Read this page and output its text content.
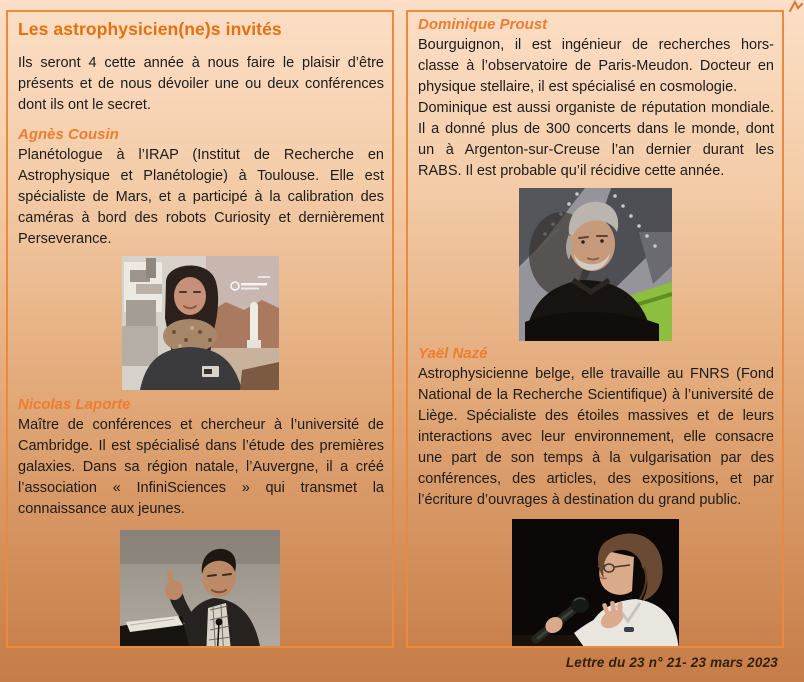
Les astrophysicien(ne)s invités

Ils seront 4 cette année à nous faire le plaisir d’être présents et de nous dévoiler une ou deux conférences dont ils ont le secret.

Agnès Cousin

Planétologue à l’IRAP (Institut de Recherche en Astrophysique et Planétologie) à Toulouse. Elle est spécialiste de Mars, et a participé à la calibration des caméras à bord des robots Curiosity et dernièrement Perseverance.

Nicolas Laporte

Maître de conférences et chercheur à l’université de Cambridge. Il est spécialisé dans l’étude des premières galaxies. Dans sa région natale, l’Auvergne, il a créé l’association « InfiniSciences » qui transmet la connaissance aux jeunes.

Dominique Proust

Bourguignon, il est ingénieur de recherches hors-classe à l’observatoire de Paris-Meudon. Docteur en physique stellaire, il est spécialisé en cosmologie.

Dominique est aussi organiste de réputation mondiale. Il a donné plus de 300 concerts dans le monde, dont un à Argenton-sur-Creuse l’an dernier durant les RABS. Il est probable qu’il récidive cette année.

Yaël Nazé

Astrophysicienne belge, elle travaille au FNRS (Fond National de la Recherche Scientifique) à l’université de Liège. Spécialiste des étoiles massives et de leurs interactions avec leur environnement, elle consacre une part de son temps à la vulgarisation par des conférences, des articles, des expositions, et par l’écriture d’ouvrages à destination du grand public.

Lettre du 23 n° 21- 23 mars 2023
